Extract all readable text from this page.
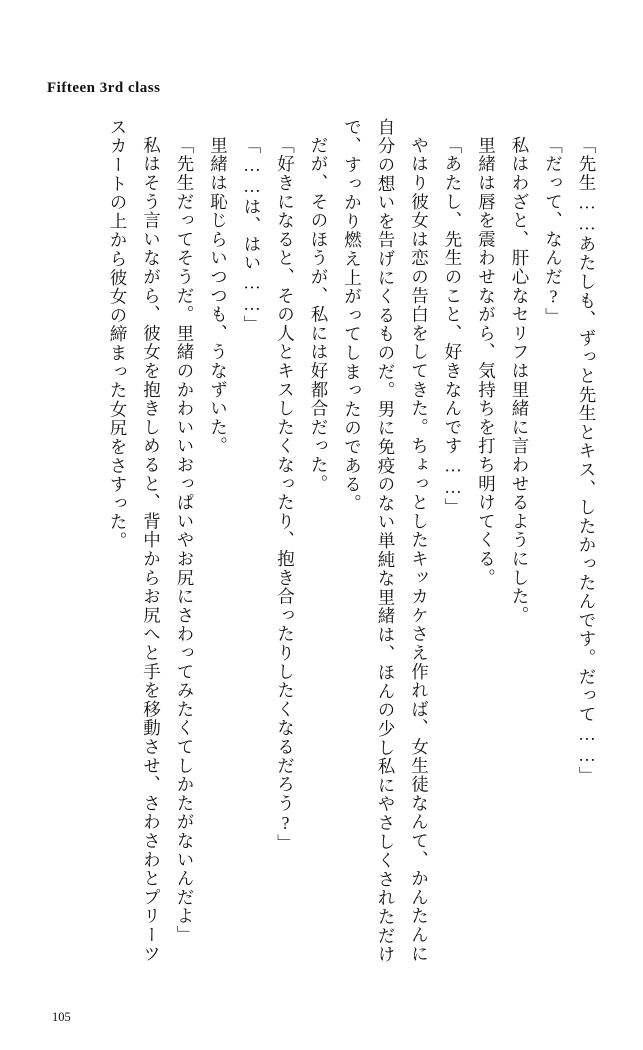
Fifteen 3rd class

「先生……あたしも、ずっと先生とキス、したかったんです。だって……」

「だって、なんだ?」

私はわざと、肝心なセリフは里緒に言わせるようにした。

里緒は唇を震わせながら、気持ちを打ち明けてくる。

「あたし、先生のこと、好きなんです……」

やはり彼女は恋の告白をしてきた。ちょっとしたキッカケさえ作れば、女生徒なんて、かんたんに自分の想いを告げにくるものだ。男に免疫のない単純な里緒は、ほんの少し私にやさしくされただけで、すっかり燃え上がってしまったのである。

だが、そのほうが、私には好都合だった。

「好きになると、その人とキスしたくなったり、抱き合ったりしたくなるだろう?」

「……は、はい……」

里緒は恥じらいつつも、うなずいた。

「先生だってそうだ。里緒のかわいいおっぱいやお尻にさわってみたくてしかたがないんだよ」

私はそう言いながら、彼女を抱きしめると、背中からお尻へと手を移動させ、さわさわとプリーツスカートの上から彼女の締まった女尻をさすった。

105
